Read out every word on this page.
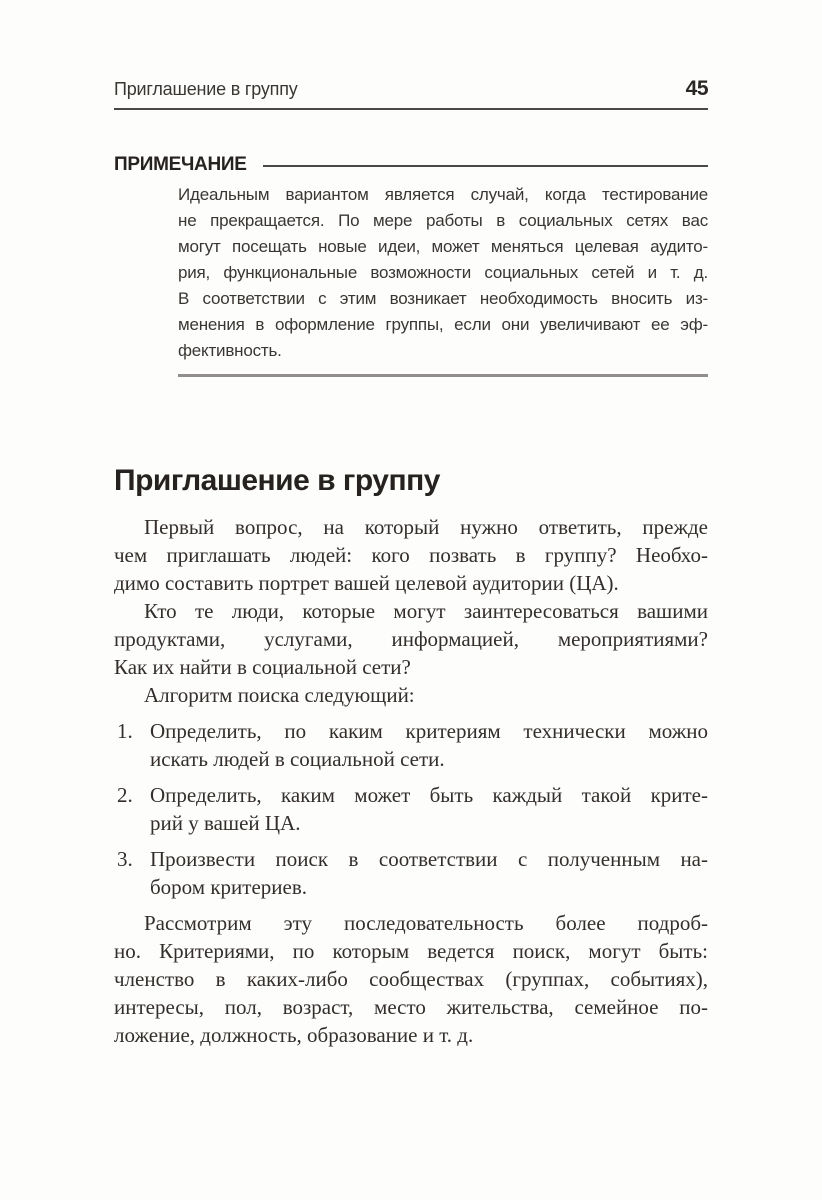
Приглашение в группу	45
ПРИМЕЧАНИЕ
Идеальным вариантом является случай, когда тестирование
не прекращается. По мере работы в социальных сетях вас
могут посещать новые идеи, может меняться целевая аудито-
рия, функциональные возможности социальных сетей и т. д.
В соответствии с этим возникает необходимость вносить из-
менения в оформление группы, если они увеличивают ее эф-
фективность.
Приглашение в группу
Первый вопрос, на который нужно ответить, прежде
чем приглашать людей: кого позвать в группу? Необхо-
димо составить портрет вашей целевой аудитории (ЦА).
Кто те люди, которые могут заинтересоваться вашими
продуктами, услугами, информацией, мероприятиями?
Как их найти в социальной сети?
Алгоритм поиска следующий:
1. Определить, по каким критериям технически можно
искать людей в социальной сети.
2. Определить, каким может быть каждый такой крите-
рий у вашей ЦА.
3. Произвести поиск в соответствии с полученным на-
бором критериев.
Рассмотрим эту последовательность более подроб-
но. Критериями, по которым ведется поиск, могут быть:
членство в каких-либо сообществах (группах, событиях),
интересы, пол, возраст, место жительства, семейное по-
ложение, должность, образование и т. д.
